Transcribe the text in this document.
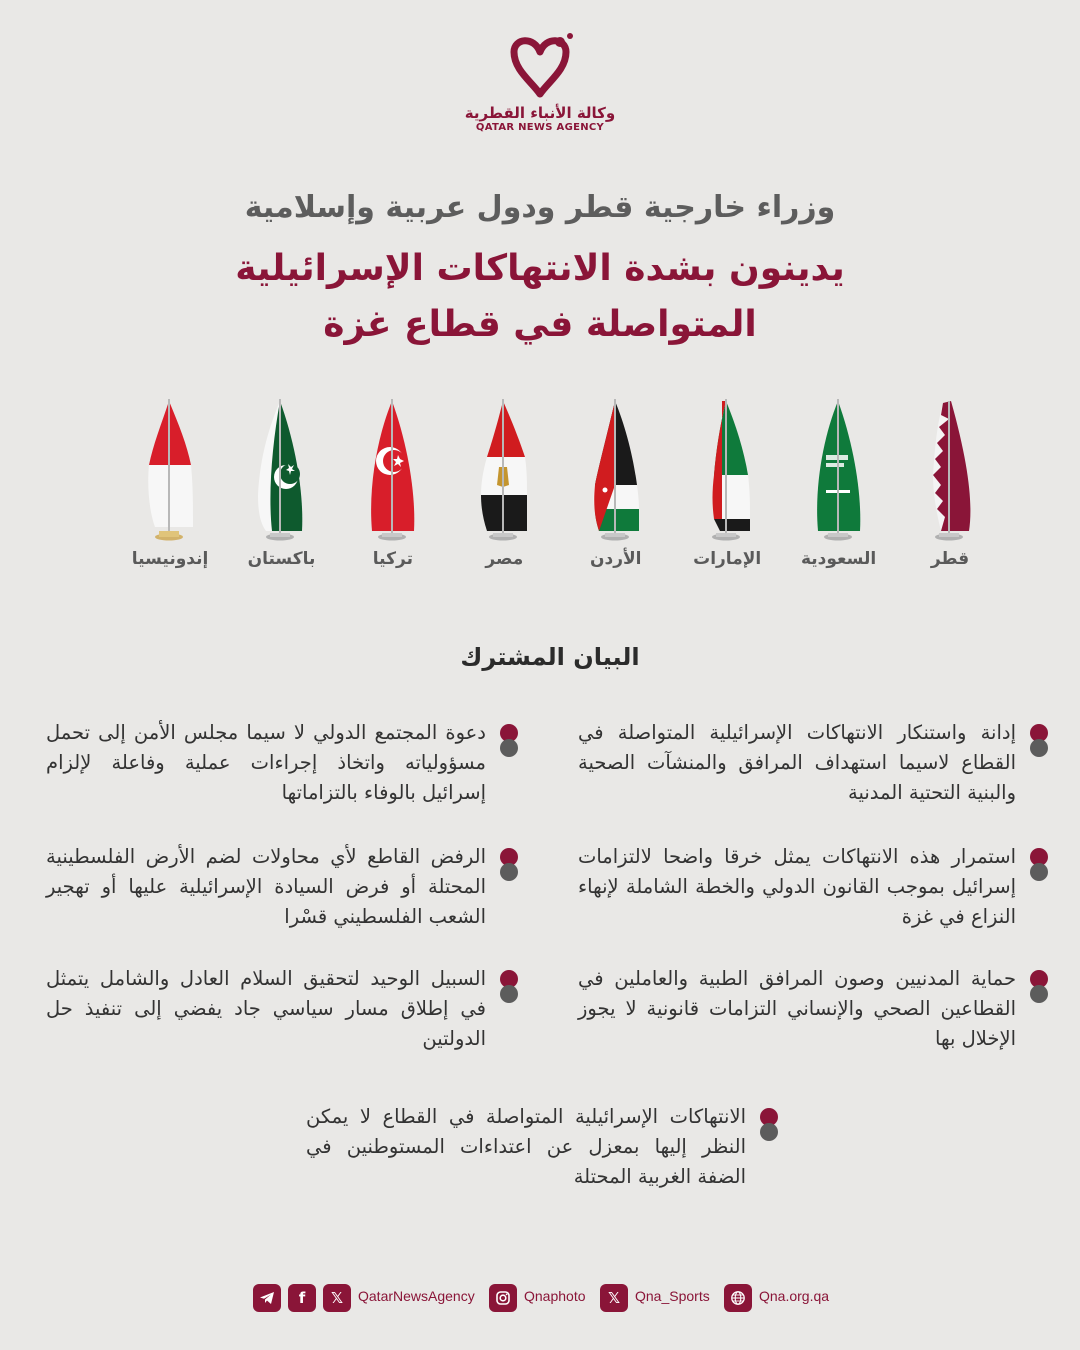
وكالة الأنباء القطرية
QATAR NEWS AGENCY
وزراء خارجية قطر ودول عربية وإسلامية
يدينون بشدة الانتهاكات الإسرائيلية
المتواصلة في قطاع غزة
قطر
السعودية
الإمارات
الأردن
مصر
تركيا
باكستان
إندونيسيا
البيان المشترك
إدانة واستنكار الانتهاكات الإسرائيلية المتواصلة في القطاع لاسيما استهداف المرافق والمنشآت الصحية والبنية التحتية المدنية
استمرار هذه الانتهاكات يمثل خرقا واضحا لالتزامات إسرائيل بموجب القانون الدولي والخطة الشاملة لإنهاء النزاع في غزة
حماية المدنيين وصون المرافق الطبية والعاملين في القطاعين الصحي والإنساني التزامات قانونية لا يجوز الإخلال بها
دعوة المجتمع الدولي لا سيما مجلس الأمن إلى تحمل مسؤولياته واتخاذ إجراءات عملية وفاعلة لإلزام إسرائيل بالوفاء بالتزاماتها
الرفض القاطع لأي محاولات لضم الأرض الفلسطينية المحتلة أو فرض السيادة الإسرائيلية عليها أو تهجير الشعب الفلسطيني قسْرا
السبيل الوحيد لتحقيق السلام العادل والشامل يتمثل في إطلاق مسار سياسي جاد يفضي إلى تنفيذ حل الدولتين
الانتهاكات الإسرائيلية المتواصلة في القطاع لا يمكن النظر إليها بمعزل عن اعتداءات المستوطنين في الضفة الغربية المحتلة
f	𝕏	QatarNewsAgency	Qnaphoto	𝕏	Qna_Sports	Qna.org.qa
